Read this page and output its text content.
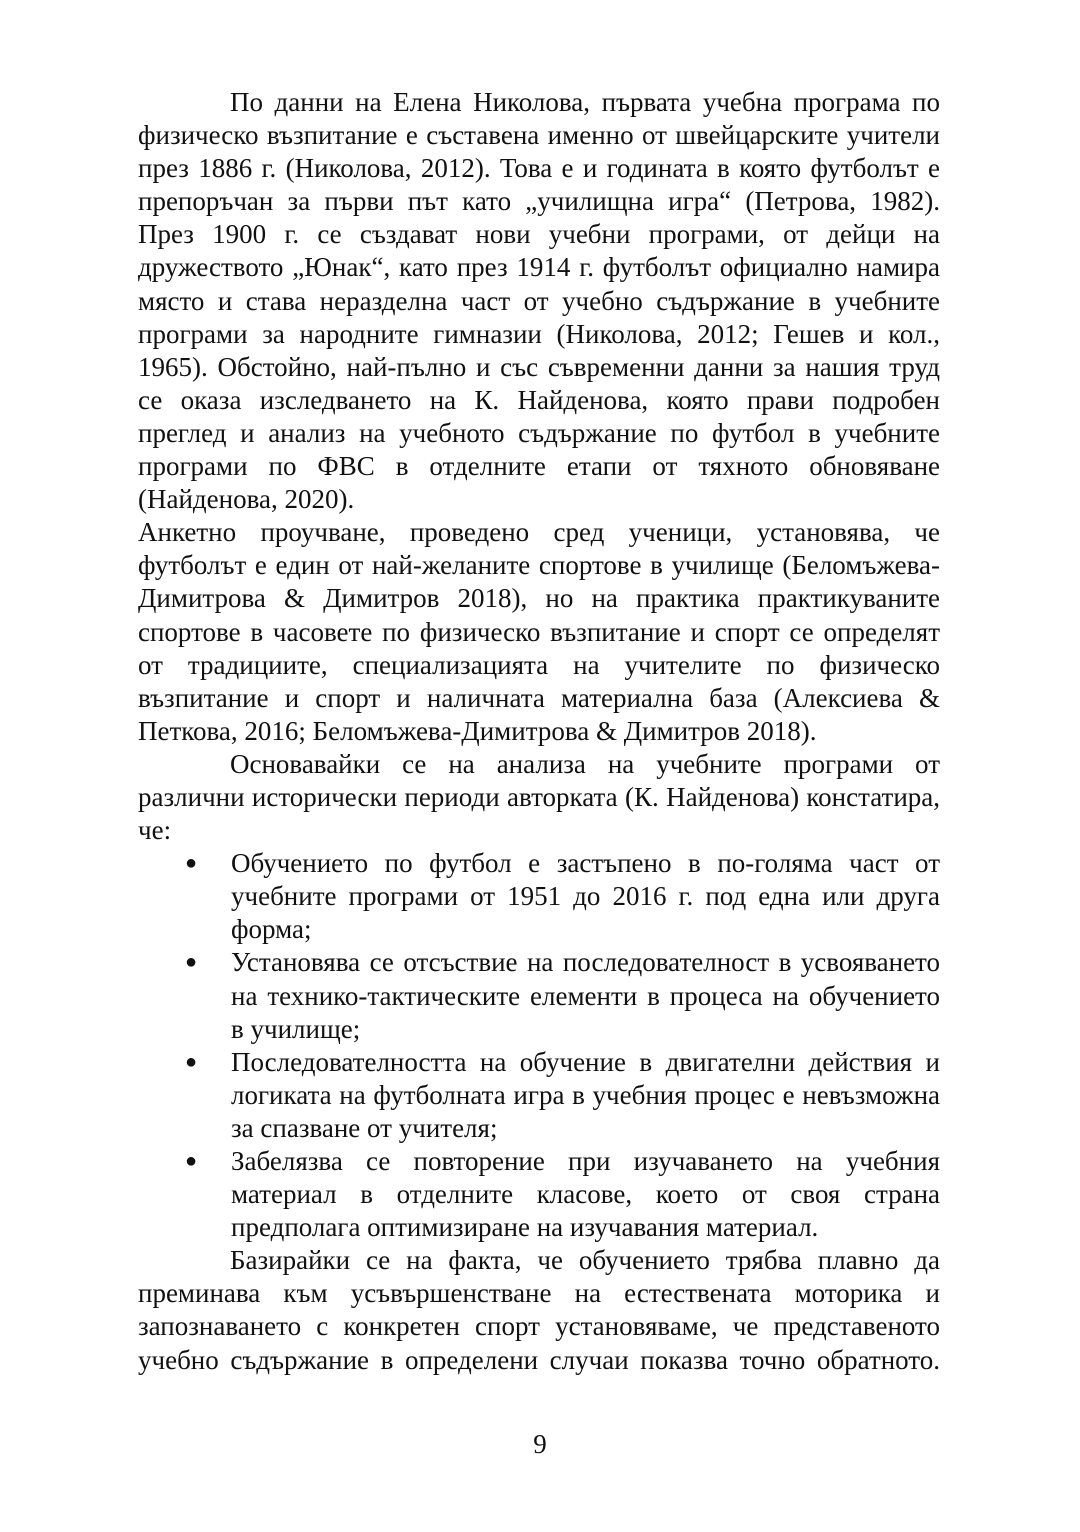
По данни на Елена Николова, първата учебна програма по физическо възпитание е съставена именно от швейцарските учители през 1886 г. (Николова, 2012). Това е и годината в която футболът е препоръчан за първи път като „училищна игра“ (Петрова, 1982). През 1900 г. се създават нови учебни програми, от дейци на дружеството „Юнак“, като през 1914 г. футболът официално намира място и става неразделна част от учебно съдържание в учебните програми за народните гимназии (Николова, 2012; Гешев и кол., 1965). Обстойно, най-пълно и със съвременни данни за нашия труд се оказа изследването на К. Найденова, която прави подробен преглед и анализ на учебното съдържание по футбол в учебните програми по ФВС в отделните етапи от тяхното обновяване (Найденова, 2020).

Анкетно проучване, проведено сред ученици, установява, че футболът е един от най-желаните спортове в училище (Беломъжева-Димитрова & Димитров 2018), но на практика практикуваните спортове в часовете по физическо възпитание и спорт се определят от традициите, специализацията на учителите по физическо възпитание и спорт и наличната материална база (Алексиева & Петкова, 2016; Беломъжева-Димитрова & Димитров 2018).

Основавайки се на анализа на учебните програми от различни исторически периоди авторката (К. Найденова) констатира, че:

● Обучението по футбол е застъпено в по-голяма част от учебните програми от 1951 до 2016 г. под една или друга форма;
● Установява се отсъствие на последователност в усвояването на технико-тактическите елементи в процеса на обучението в училище;
● Последователността на обучение в двигателни действия и логиката на футболната игра в учебния процес е невъзможна за спазване от учителя;
● Забелязва се повторение при изучаването на учебния материал в отделните класове, което от своя страна предполага оптимизиране на изучавания материал.

Базирайки се на факта, че обучението трябва плавно да преминава към усъвършенстване на естествената моторика и запознаването с конкретен спорт установяваме, че представеното учебно съдържание в определени случаи показва точно обратното.

9
